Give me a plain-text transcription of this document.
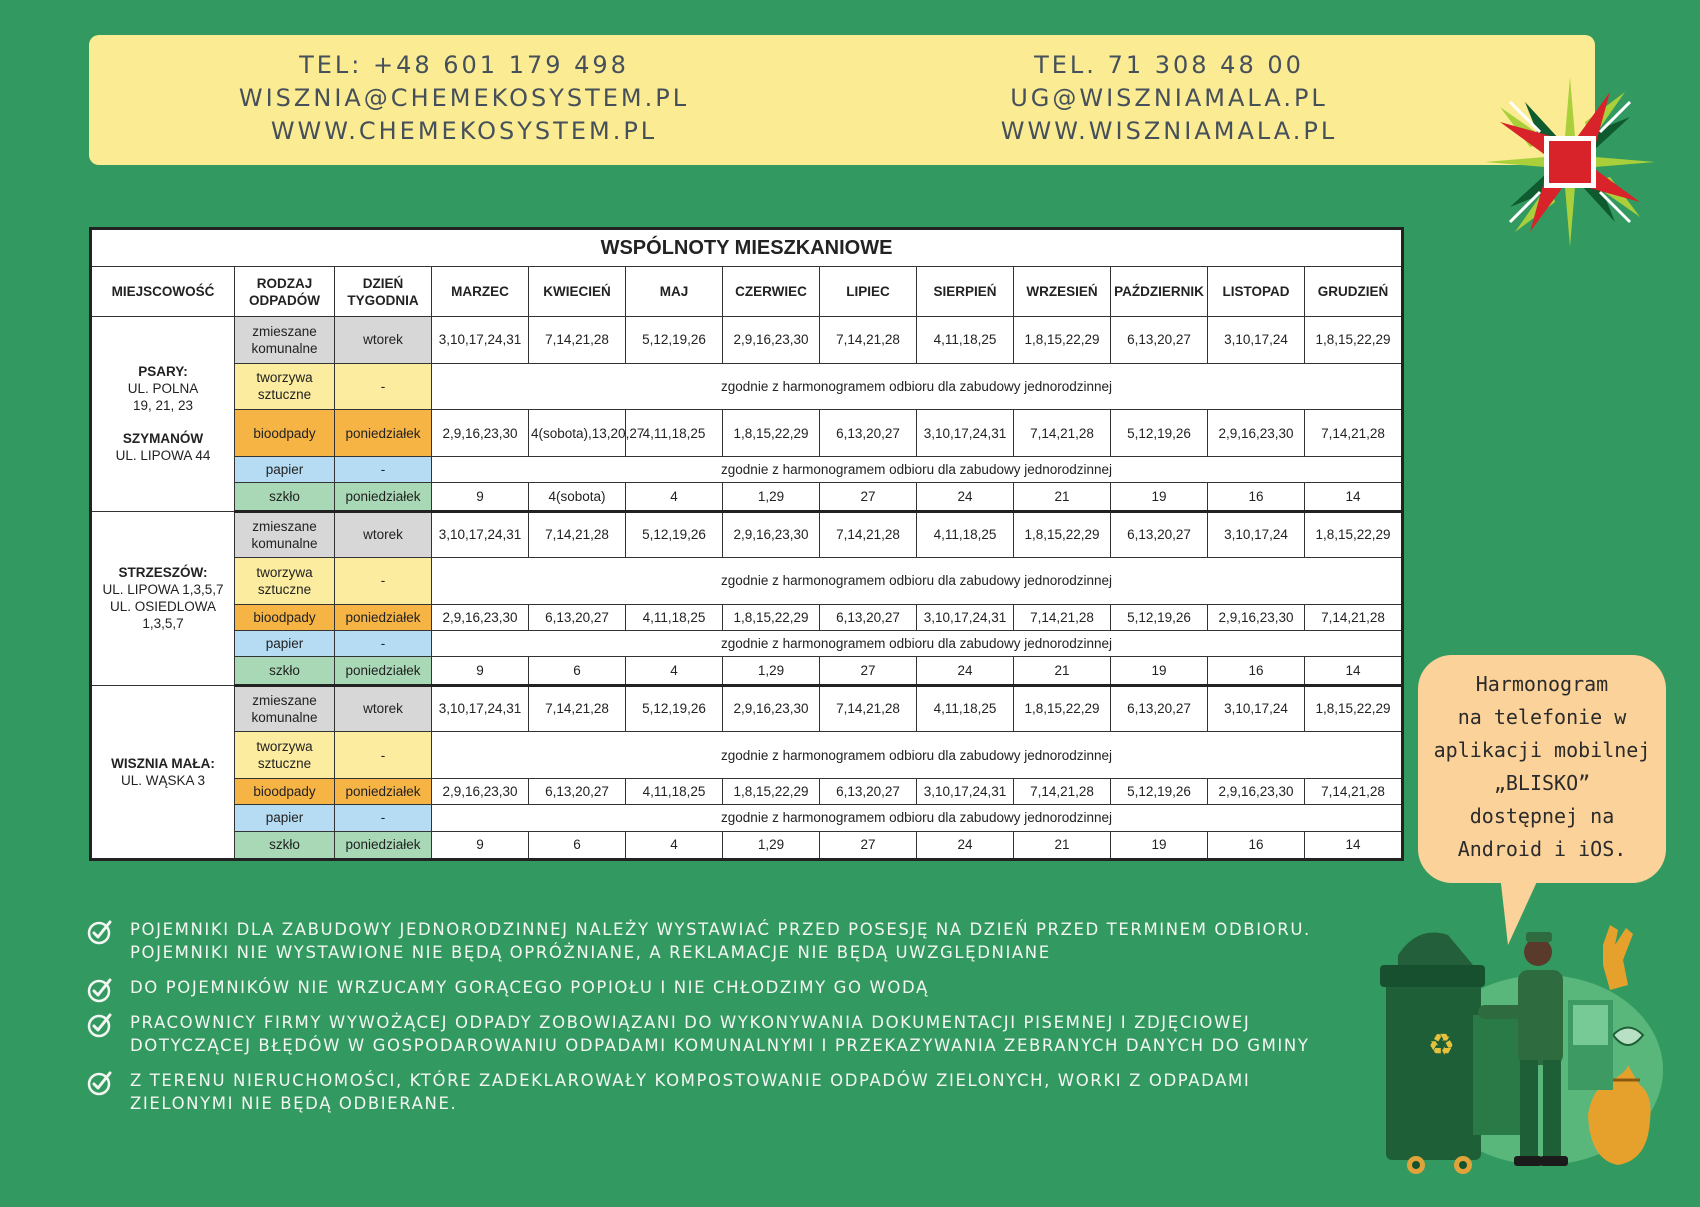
TEL: +48 601 179 498
WISZNIA@CHEMEKOSYSTEM.PL
WWW.CHEMEKOSYSTEM.PL
TEL. 71 308 48 00
UG@WISZNIAMALA.PL
WWW.WISZNIAMALA.PL
WSPÓLNOTY MIESZKANIOWE												
MIEJSCOWOŚĆ	RODZAJ ODPADÓW	DZIEŃ TYGODNIA	MARZEC	KWIECIEŃ	MAJ	CZERWIEC	LIPIEC	SIERPIEŃ	WRZESIEŃ	PAŹDZIERNIK	LISTOPAD	GRUDZIEŃ

PSARY:
UL. POLNA
19, 21, 23
SZYMANÓW
UL. LIPOWA 44	zmieszane komunalne	wtorek	3,10,17,24,31	7,14,21,28	5,12,19,26	2,9,16,23,30	7,14,21,28	4,11,18,25	1,8,15,22,29	6,13,20,27	3,10,17,24	1,8,15,22,29
	tworzywa sztuczne	-	zgodnie z harmonogramem odbioru dla zabudowy jednorodzinnej									
	bioodpady	poniedziałek	2,9,16,23,30	4(sobota),13,20,27	4,11,18,25	1,8,15,22,29	6,13,20,27	3,10,17,24,31	7,14,21,28	5,12,19,26	2,9,16,23,30	7,14,21,28
	papier	-	zgodnie z harmonogramem odbioru dla zabudowy jednorodzinnej									
	szkło	poniedziałek	9	4(sobota)	4	1,29	27	24	21	19	16	14

STRZESZÓW:
UL. LIPOWA 1,3,5,7
UL. OSIEDLOWA
1,3,5,7	zmieszane komunalne	wtorek	3,10,17,24,31	7,14,21,28	5,12,19,26	2,9,16,23,30	7,14,21,28	4,11,18,25	1,8,15,22,29	6,13,20,27	3,10,17,24	1,8,15,22,29
	tworzywa sztuczne	-	zgodnie z harmonogramem odbioru dla zabudowy jednorodzinnej									
	bioodpady	poniedziałek	2,9,16,23,30	6,13,20,27	4,11,18,25	1,8,15,22,29	6,13,20,27	3,10,17,24,31	7,14,21,28	5,12,19,26	2,9,16,23,30	7,14,21,28
	papier	-	zgodnie z harmonogramem odbioru dla zabudowy jednorodzinnej									
	szkło	poniedziałek	9	6	4	1,29	27	24	21	19	16	14

WISZNIA MAŁA:
UL. WĄSKA 3	zmieszane komunalne	wtorek	3,10,17,24,31	7,14,21,28	5,12,19,26	2,9,16,23,30	7,14,21,28	4,11,18,25	1,8,15,22,29	6,13,20,27	3,10,17,24	1,8,15,22,29
	tworzywa sztuczne	-	zgodnie z harmonogramem odbioru dla zabudowy jednorodzinnej									
	bioodpady	poniedziałek	2,9,16,23,30	6,13,20,27	4,11,18,25	1,8,15,22,29	6,13,20,27	3,10,17,24,31	7,14,21,28	5,12,19,26	2,9,16,23,30	7,14,21,28
	papier	-	zgodnie z harmonogramem odbioru dla zabudowy jednorodzinnej									
	szkło	poniedziałek	9	6	4	1,29	27	24	21	19	16	14
POJEMNIKI DLA ZABUDOWY JEDNORODZINNEJ NALEŻY WYSTAWIAĆ PRZED POSESJĘ NA DZIEŃ PRZED TERMINEM ODBIORU.
POJEMNIKI NIE WYSTAWIONE NIE BĘDĄ OPRÓŻNIANE, A REKLAMACJE NIE BĘDĄ UWZGLĘDNIANE
DO POJEMNIKÓW NIE WRZUCAMY GORĄCEGO POPIOŁU I NIE CHŁODZIMY GO WODĄ
PRACOWNICY FIRMY WYWOŻĄCEJ ODPADY ZOBOWIĄZANI DO WYKONYWANIA DOKUMENTACJI PISEMNEJ I ZDJĘCIOWEJ
DOTYCZĄCEJ BŁĘDÓW W GOSPODAROWANIU ODPADAMI KOMUNALNYMI I PRZEKAZYWANIA ZEBRANYCH DANYCH DO GMINY
Z TERENU NIERUCHOMOŚCI, KTÓRE ZADEKLAROWAŁY KOMPOSTOWANIE ODPADÓW ZIELONYCH, WORKI Z ODPADAMI
ZIELONYMI NIE BĘDĄ ODBIERANE.
Harmonogram
na telefonie w
aplikacji mobilnej
„BLISKO”
dostępnej na
Android i iOS.
♻
